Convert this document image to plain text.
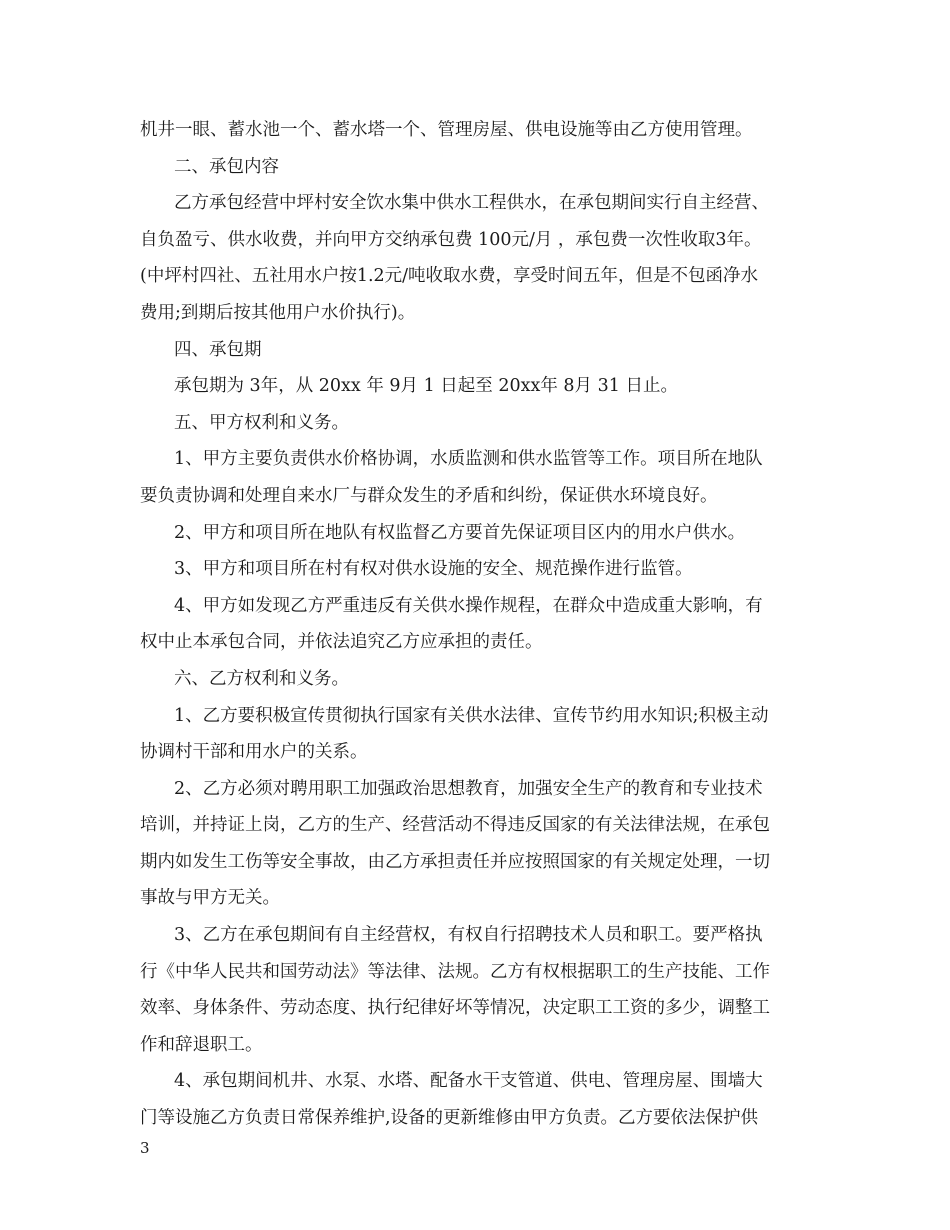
机井一眼、蓄水池一个、蓄水塔一个、管理房屋、供电设施等由乙方使用管理。
二、承包内容
乙方承包经营中坪村安全饮水集中供水工程供水，在承包期间实行自主经营、
自负盈亏、供水收费，并向甲方交纳承包费 100元/月 ，承包费一次性收取3年。
(中坪村四社、五社用水户按1.2元/吨收取水费，享受时间五年，但是不包函净水
费用;到期后按其他用户水价执行)。
四、承包期
承包期为 3年，从 20xx 年 9月 1 日起至 20xx年 8月 31 日止。
五、甲方权利和义务。
1、甲方主要负责供水价格协调，水质监测和供水监管等工作。项目所在地队
要负责协调和处理自来水厂与群众发生的矛盾和纠纷，保证供水环境良好。
2、甲方和项目所在地队有权监督乙方要首先保证项目区内的用水户供水。
3、甲方和项目所在村有权对供水设施的安全、规范操作进行监管。
4、甲方如发现乙方严重违反有关供水操作规程，在群众中造成重大影响，有
权中止本承包合同，并依法追究乙方应承担的责任。
六、乙方权利和义务。
1、乙方要积极宣传贯彻执行国家有关供水法律、宣传节约用水知识;积极主动
协调村干部和用水户的关系。
2、乙方必须对聘用职工加强政治思想教育，加强安全生产的教育和专业技术
培训，并持证上岗，乙方的生产、经营活动不得违反国家的有关法律法规，在承包
期内如发生工伤等安全事故，由乙方承担责任并应按照国家的有关规定处理，一切
事故与甲方无关。
3、乙方在承包期间有自主经营权，有权自行招聘技术人员和职工。要严格执
行《中华人民共和国劳动法》等法律、法规。乙方有权根据职工的生产技能、工作
效率、身体条件、劳动态度、执行纪律好坏等情况，决定职工工资的多少，调整工
作和辞退职工。
4、承包期间机井、水泵、水塔、配备水干支管道、供电、管理房屋、围墙大
门等设施乙方负责日常保养维护,设备的更新维修由甲方负责。乙方要依法保护供
3
